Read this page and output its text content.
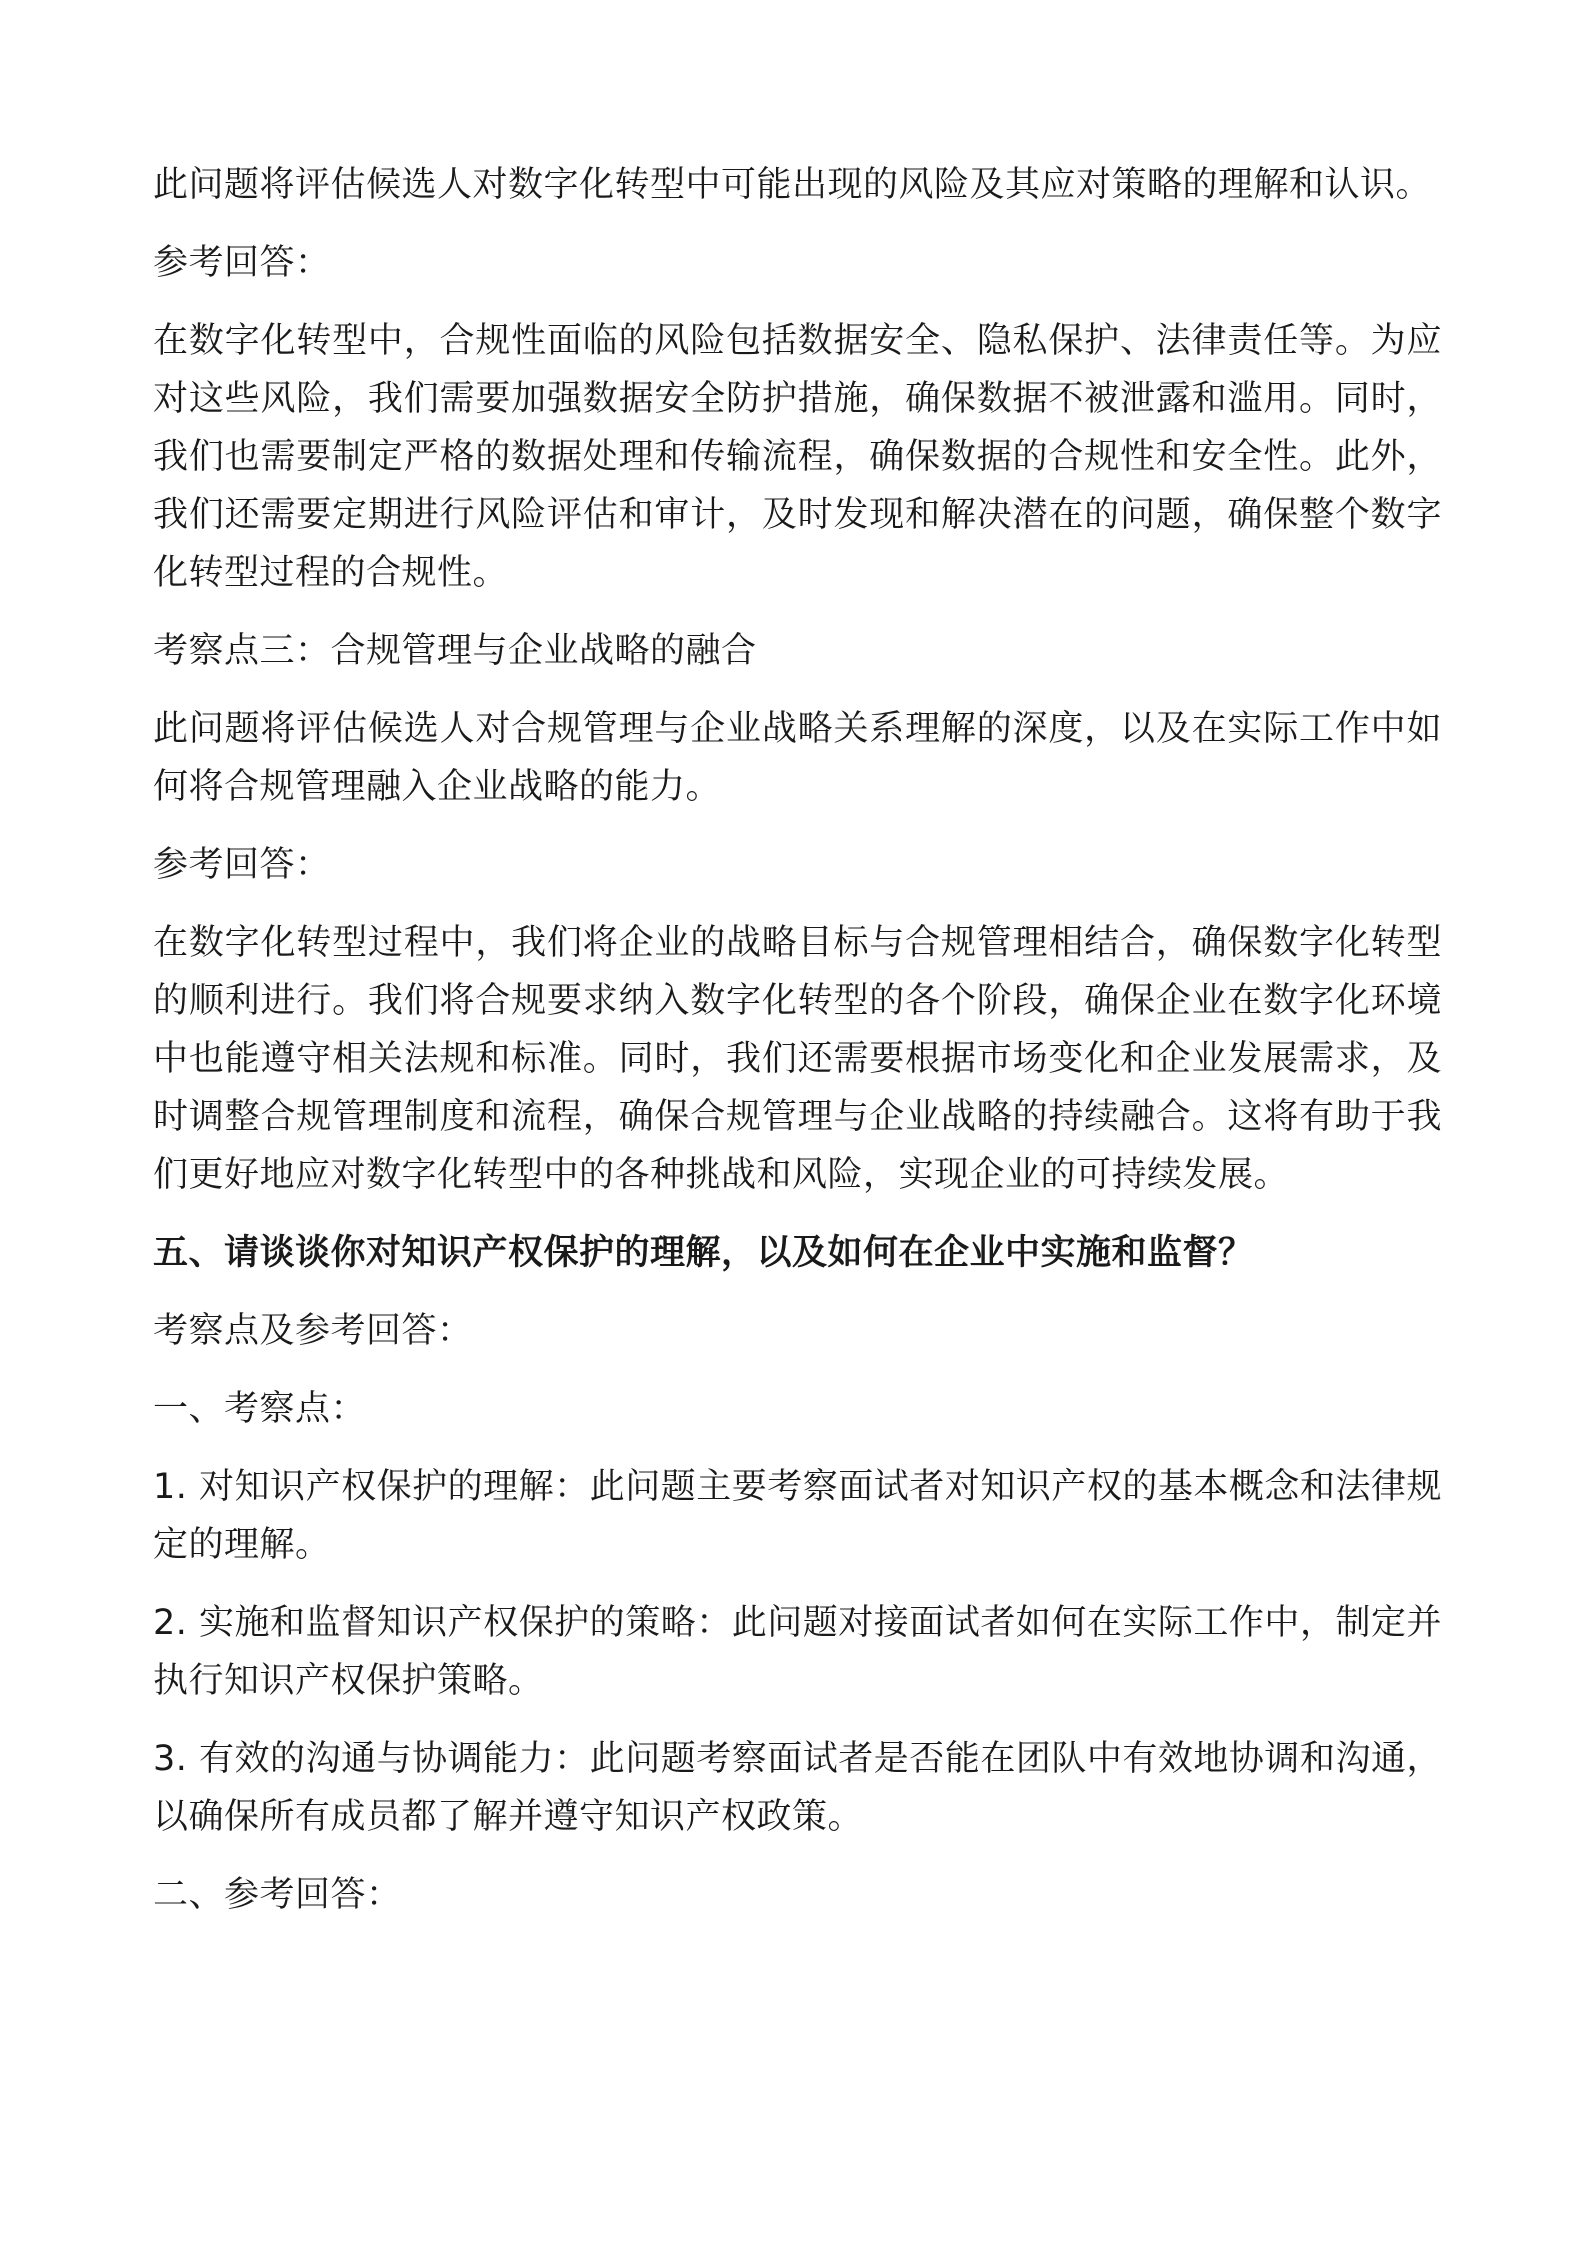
此问题将评估候选人对数字化转型中可能出现的风险及其应对策略的理解和认识。

参考回答：

在数字化转型中，合规性面临的风险包括数据安全、隐私保护、法律责任等。为应对这些风险，我们需要加强数据安全防护措施，确保数据不被泄露和滥用。同时，我们也需要制定严格的数据处理和传输流程，确保数据的合规性和安全性。此外，我们还需要定期进行风险评估和审计，及时发现和解决潜在的问题，确保整个数字化转型过程的合规性。

考察点三：合规管理与企业战略的融合

此问题将评估候选人对合规管理与企业战略关系理解的深度，以及在实际工作中如何将合规管理融入企业战略的能力。

参考回答：

在数字化转型过程中，我们将企业的战略目标与合规管理相结合，确保数字化转型的顺利进行。我们将合规要求纳入数字化转型的各个阶段，确保企业在数字化环境中也能遵守相关法规和标准。同时，我们还需要根据市场变化和企业发展需求，及时调整合规管理制度和流程，确保合规管理与企业战略的持续融合。这将有助于我们更好地应对数字化转型中的各种挑战和风险，实现企业的可持续发展。

五、请谈谈你对知识产权保护的理解，以及如何在企业中实施和监督？

考察点及参考回答：

一、考察点：

1. 对知识产权保护的理解：此问题主要考察面试者对知识产权的基本概念和法律规定的理解。

2. 实施和监督知识产权保护的策略：此问题对接面试者如何在实际工作中，制定并执行知识产权保护策略。

3. 有效的沟通与协调能力：此问题考察面试者是否能在团队中有效地协调和沟通，以确保所有成员都了解并遵守知识产权政策。

二、参考回答：
